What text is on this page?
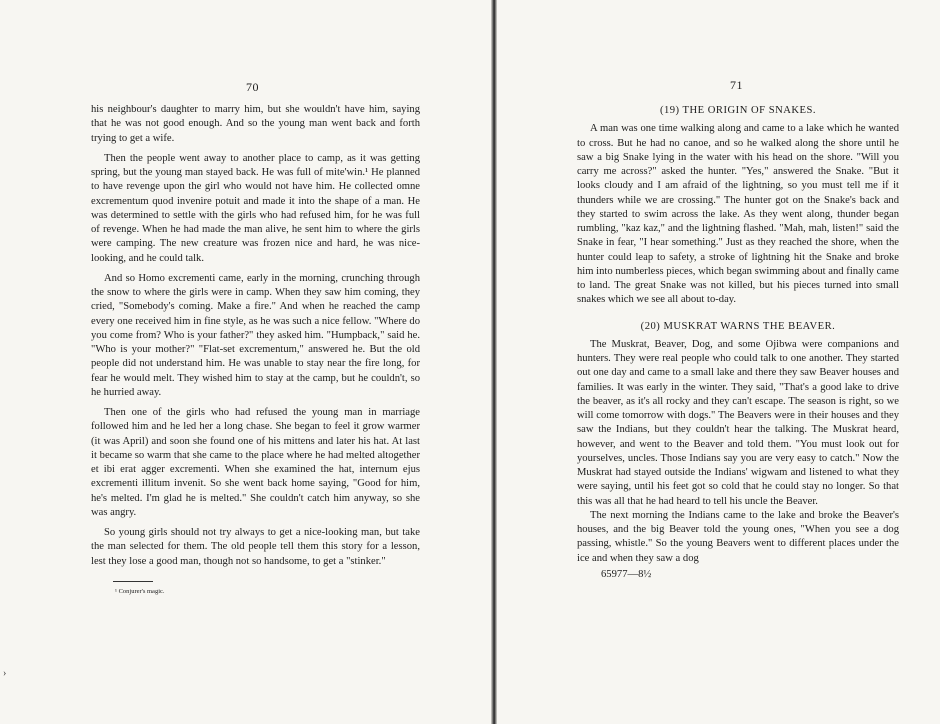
70

his neighbour's daughter to marry him, but she wouldn't have him, saying that he was not good enough. And so the young man went back and forth trying to get a wife.

Then the people went away to another place to camp, as it was getting spring, but the young man stayed back. He was full of mite'win.¹ He planned to have revenge upon the girl who would not have him. He collected omne excrementum quod invenire potuit and made it into the shape of a man. He was determined to settle with the girls who had refused him, for he was full of revenge. When he had made the man alive, he sent him to where the girls were camping. The new creature was frozen nice and hard, he was nice-looking, and he could talk.

And so Homo excrementi came, early in the morning, crunching through the snow to where the girls were in camp. When they saw him coming, they cried, "Somebody's coming. Make a fire." And when he reached the camp every one received him in fine style, as he was such a nice fellow. "Where do you come from? Who is your father?" they asked him. "Humpback," said he. "Who is your mother?" "Flat-set excrementum," answered he. But the old people did not understand him. He was unable to stay near the fire long, for fear he would melt. They wished him to stay at the camp, but he couldn't, so he hurried away.

Then one of the girls who had refused the young man in marriage followed him and he led her a long chase. She began to feel it grow warmer (it was April) and soon she found one of his mittens and later his hat. At last it became so warm that she came to the place where he had melted altogether et ibi erat agger excrementi. When she examined the hat, internum ejus excrementi illitum invenit. So she went back home saying, "Good for him, he's melted. I'm glad he is melted." She couldn't catch him anyway, so she was angry.

So young girls should not try always to get a nice-looking man, but take the man selected for them. The old people tell them this story for a lesson, lest they lose a good man, though not so handsome, to get a "stinker."

¹ Conjurer's magic.
71
(19) THE ORIGIN OF SNAKES.

A man was one time walking along and came to a lake which he wanted to cross. But he had no canoe, and so he walked along the shore until he saw a big Snake lying in the water with his head on the shore. "Will you carry me across?" asked the hunter. "Yes," answered the Snake. "But it looks cloudy and I am afraid of the lightning, so you must tell me if it thunders while we are crossing." The hunter got on the Snake's back and they started to swim across the lake. As they went along, thunder began rumbling, "kaz kaz," and the lightning flashed. "Mah, mah, listen!" said the Snake in fear, "I hear something." Just as they reached the shore, when the hunter could leap to safety, a stroke of lightning hit the Snake and broke him into numberless pieces, which began swimming about and finally came to land. The great Snake was not killed, but his pieces turned into small snakes which we see all about to-day.

(20) MUSKRAT WARNS THE BEAVER.

The Muskrat, Beaver, Dog, and some Ojibwa were companions and hunters. They were real people who could talk to one another. They started out one day and came to a small lake and there they saw Beaver houses and families. It was early in the winter. They said, "That's a good lake to drive the beaver, as it's all rocky and they can't escape. The season is right, so we will come tomorrow with dogs." The Beavers were in their houses and they saw the Indians, but they couldn't hear the talking. The Muskrat heard, however, and went to the Beaver and told them. "You must look out for yourselves, uncles. Those Indians say you are very easy to catch." Now the Muskrat had stayed outside the Indians' wigwam and listened to what they were saying, until his feet got so cold that he could stay no longer. So that this was all that he had heard to tell his uncle the Beaver.

The next morning the Indians came to the lake and broke the Beaver's houses, and the big Beaver told the young ones, "When you see a dog passing, whistle." So the young Beavers went to different places under the ice and when they saw a dog

65977—8½
›
